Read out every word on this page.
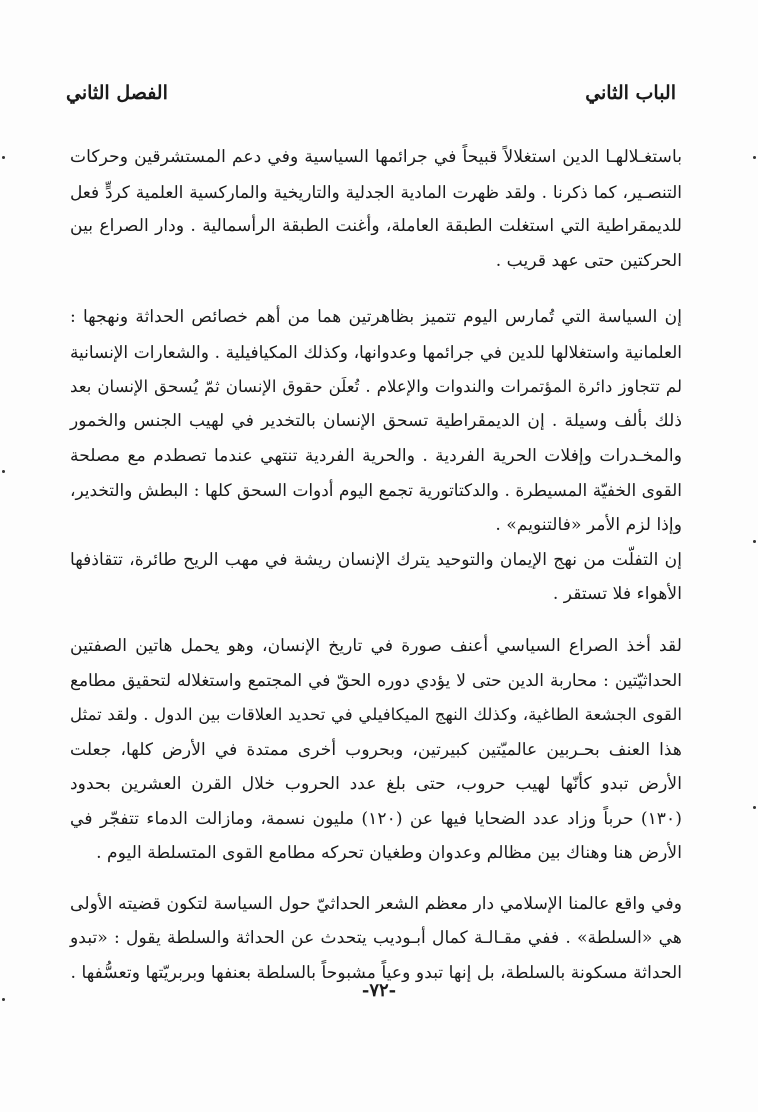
الباب الثاني
الفصل الثاني
باستغـلالهـا الدين استغلالاً قبيحاً في جرائمها السياسية وفي دعم المستشرقين وحركات
التنصـير، كما ذكرنا . ولقد ظهرت المادية الجدلية والتاريخية والماركسية العلمية كردٍّ فعل
للديمقراطية التي استغلت الطبقة العاملة، وأغنت الطبقة الرأسمالية . ودار الصراع بين
الحركتين حتى عهد قريب .
إن السياسة التي تُمارس اليوم تتميز بظاهرتين هما من أهم خصائص الحداثة ونهجها :
العلمانية واستغلالها للدين في جرائمها وعدوانها، وكذلك المكيافيلية . والشعارات الإنسانية
لم تتجاوز دائرة المؤتمرات والندوات والإعلام . تُعلَن حقوق الإنسان ثمّ يُسحق الإنسان بعد
ذلك بألف وسيلة . إن الديمقراطية تسحق الإنسان بالتخدير في لهيب الجنس والخمور
والمخـدرات وإفلات الحرية الفردية . والحرية الفردية تنتهي عندما تصطدم مع مصلحة
القوى الخفيّة المسيطرة . والدكتاتورية تجمع اليوم أدوات السحق كلها : البطش والتخدير،
وإذا لزم الأمر «فالتنويم» .
إن التفلّت من نهج الإيمان والتوحيد يترك الإنسان ريشة في مهب الريح طائرة، تتقاذفها
الأهواء فلا تستقر .
لقد أخذ الصراع السياسي أعنف صورة في تاريخ الإنسان، وهو يحمل هاتين الصفتين
الحداثيّتين : محاربة الدين حتى لا يؤدي دوره الحقّ في المجتمع واستغلاله لتحقيق مطامع
القوى الجشعة الطاغية، وكذلك النهج الميكافيلي في تحديد العلاقات بين الدول . ولقد تمثل
هذا العنف بحـربين عالميّتين كبيرتين، وبحروب أخرى ممتدة في الأرض كلها، جعلت
الأرض تبدو كأنّها لهيب حروب، حتى بلغ عدد الحروب خلال القرن العشرين بحدود
(١٣٠) حرباً وزاد عدد الضحايا فيها عن (١٢٠) مليون نسمة، ومازالت الدماء تتفجّر في
الأرض هنا وهناك بين مظالم وعدوان وطغيان تحركه مطامع القوى المتسلطة اليوم .
وفي واقع عالمنا الإسلامي دار معظم الشعر الحداثيّ حول السياسة لتكون قضيته الأولى
هي «السلطة» . ففي مقـالـة كمال أبـوديب يتحدث عن الحداثة والسلطة يقول : «تبدو
الحداثة مسكونة بالسلطة، بل إنها تبدو وعياً مشبوحاً بالسلطة بعنفها وبربريّتها وتعسُّفها .
-٧٢-
